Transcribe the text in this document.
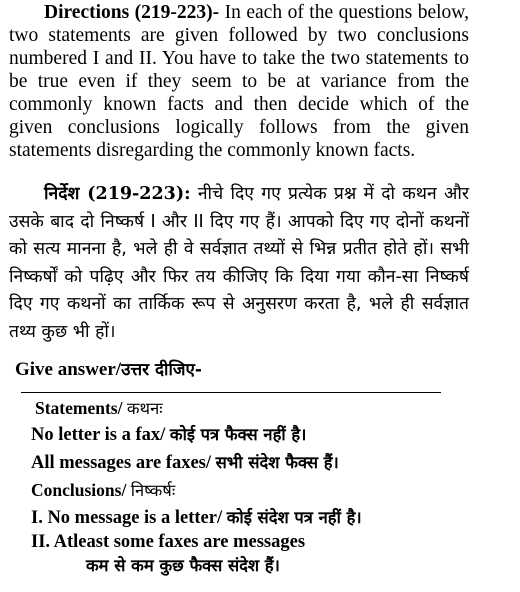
Directions (219-223)- In each of the questions below, two statements are given followed by two conclusions numbered I and II. You have to take the two statements to be true even if they seem to be at variance from the commonly known facts and then decide which of the given conclusions logically follows from the given statements disregarding the commonly known facts.
निर्देश (219-223): नीचे दिए गए प्रत्येक प्रश्न में दो कथन और उसके बाद दो निष्कर्ष I और II दिए गए हैं। आपको दिए गए दोनों कथनों को सत्य मानना है, भले ही वे सर्वज्ञात तथ्यों से भिन्न प्रतीत होते हों। सभी निष्कर्षों को पढ़िए और फिर तय कीजिए कि दिया गया कौन-सा निष्कर्ष दिए गए कथनों का तार्किक रूप से अनुसरण करता है, भले ही सर्वज्ञात तथ्य कुछ भी हों।
Give answer/उत्तर दीजिए-
Statements/ कथनः
No letter is a fax/ कोई पत्र फैक्स नहीं है।
All messages are faxes/ सभी संदेश फैक्स हैं।
Conclusions/ निष्कर्षः
I. No message is a letter/ कोई संदेश पत्र नहीं है।
II. Atleast some faxes are messages
कम से कम कुछ फैक्स संदेश हैं।
